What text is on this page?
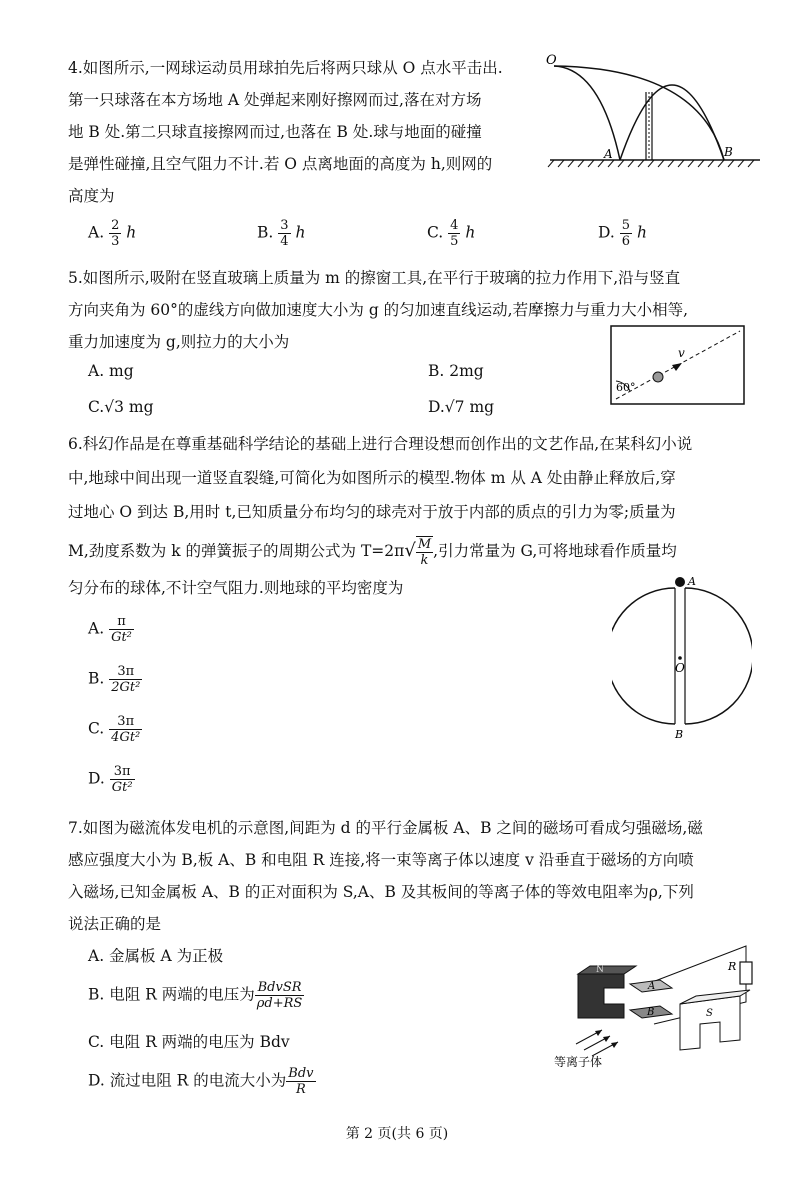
4.如图所示,一网球运动员用球拍先后将两只球从 O 点水平击出.
第一只球落在本方场地 A 处弹起来刚好擦网而过,落在对方场
地 B 处.第二只球直接擦网而过,也落在 B 处.球与地面的碰撞
是弹性碰撞,且空气阻力不计.若 O 点离地面的高度为 h,则网的
高度为
A. $\frac{2}{3}$ h	B. $\frac{3}{4}$ h	C. $\frac{4}{5}$ h	D. $\frac{5}{6}$ h
O
A	B
5.如图所示,吸附在竖直玻璃上质量为 m 的擦窗工具,在平行于玻璃的拉力作用下,沿与竖直
方向夹角为 60°的虚线方向做加速度大小为 g 的匀加速直线运动,若摩擦力与重力大小相等,
重力加速度为 g,则拉力的大小为
A. mg	B. 2mg
C.√3 mg	D.√7 mg
v
60°
6.科幻作品是在尊重基础科学结论的基础上进行合理设想而创作出的文艺作品,在某科幻小说
中,地球中间出现一道竖直裂缝,可简化为如图所示的模型.物体 m 从 A 处由静止释放后,穿
过地心 O 到达 B,用时 t,已知质量分布均匀的球壳对于放于内部的质点的引力为零;质量为
M,劲度系数为 k 的弹簧振子的周期公式为 $T=2\pi√ \frac{M}{k}$ ,引力常量为 G,可将地球看作质量均
匀分布的球体,不计空气阻力.则地球的平均密度为
A. $\frac{\pi}{\text{Gt²}}$
B. $\frac{3\pi}{\text{2Gt²}}$
C. $\frac{3\pi}{\text{4Gt²}}$
D. $\frac{3\pi}{\text{Gt²}}$
A
O
B
7.如图为磁流体发电机的示意图,间距为 d 的平行金属板 A、B 之间的磁场可看成匀强磁场,磁
感应强度大小为 B,板 A、B 和电阻 R 连接,将一束等离子体以速度 v 沿垂直于磁场的方向喷
入磁场,已知金属板 A、B 的正对面积为 S,A、B 及其板间的等离子体的等效电阻率为ρ,下列
说法正确的是
A. 金属板 A 为正极
B. 电阻 R 两端的电压为 $\frac{\text{BdvSR}}{\rho d+RS}$
C. 电阻 R 两端的电压为 Bdv
D. 流过电阻 R 的电流大小为 $\frac{\text{Bdv}}{R}$
R
N
A
B	S
等离子体
第 2 页(共 6 页)
